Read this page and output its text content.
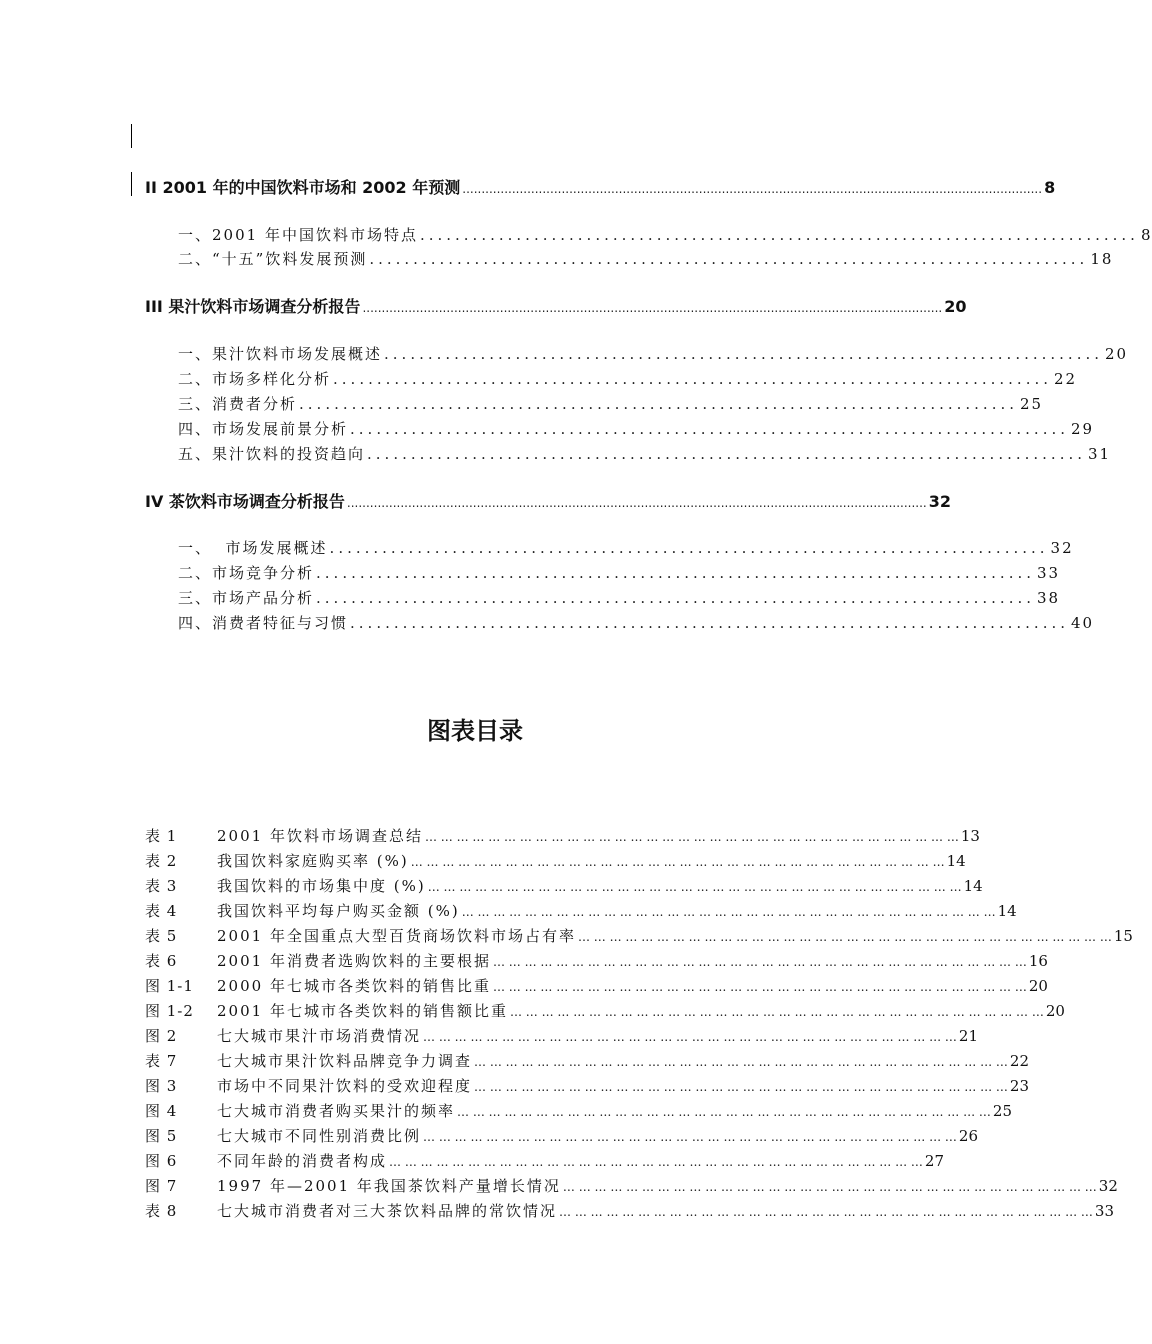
II 2001 年的中国饮料市场和 2002 年预测 ........................................................................................................................................................ 8
一、2001 年中国饮料市场特点 .................................................................................. 8
二、“十五”饮料发展预测 .................................................................................. 18
III 果汁饮料市场调查分析报告 ........................................................................................................................................................ 20
一、果汁饮料市场发展概述 .................................................................................. 20
二、市场多样化分析 .................................................................................. 22
三、消费者分析 .................................................................................. 25
四、市场发展前景分析 .................................................................................. 29
五、果汁饮料的投资趋向 .................................................................................. 31
IV 茶饮料市场调查分析报告 ........................................................................................................................................................ 32
一、  市场发展概述 .................................................................................. 32
二、市场竞争分析 .................................................................................. 33
三、市场产品分析 .................................................................................. 38
四、消费者特征与习惯 .................................................................................. 40
图表目录
表 1	2001 年饮料市场调查总结 … … … … … … … … … … … … … … … … … … … … … … … … … … … … … … … … … … 13
表 2	我国饮料家庭购买率 (%) … … … … … … … … … … … … … … … … … … … … … … … … … … … … … … … … … … 14
表 3	我国饮料的市场集中度 (%) … … … … … … … … … … … … … … … … … … … … … … … … … … … … … … … … … … 14
表 4	我国饮料平均每户购买金额 (%) … … … … … … … … … … … … … … … … … … … … … … … … … … … … … … … … … … 14
表 5	2001 年全国重点大型百货商场饮料市场占有率 … … … … … … … … … … … … … … … … … … … … … … … … … … … … … … … … … … 15
表 6	2001 年消费者选购饮料的主要根据 … … … … … … … … … … … … … … … … … … … … … … … … … … … … … … … … … … 16
图 1-1	2000 年七城市各类饮料的销售比重 … … … … … … … … … … … … … … … … … … … … … … … … … … … … … … … … … … 20
图 1-2	2001 年七城市各类饮料的销售额比重 … … … … … … … … … … … … … … … … … … … … … … … … … … … … … … … … … … 20
图 2	七大城市果汁市场消费情况 … … … … … … … … … … … … … … … … … … … … … … … … … … … … … … … … … … 21
表 7	七大城市果汁饮料品牌竞争力调查 … … … … … … … … … … … … … … … … … … … … … … … … … … … … … … … … … … 22
图 3	市场中不同果汁饮料的受欢迎程度 … … … … … … … … … … … … … … … … … … … … … … … … … … … … … … … … … … 23
图 4	七大城市消费者购买果汁的频率 … … … … … … … … … … … … … … … … … … … … … … … … … … … … … … … … … … 25
图 5	七大城市不同性别消费比例 … … … … … … … … … … … … … … … … … … … … … … … … … … … … … … … … … … 26
图 6	不同年龄的消费者构成 … … … … … … … … … … … … … … … … … … … … … … … … … … … … … … … … … … 27
图 7	1997 年—2001 年我国茶饮料产量增长情况 … … … … … … … … … … … … … … … … … … … … … … … … … … … … … … … … … … 32
表 8	七大城市消费者对三大茶饮料品牌的常饮情况 … … … … … … … … … … … … … … … … … … … … … … … … … … … … … … … … … … 33
